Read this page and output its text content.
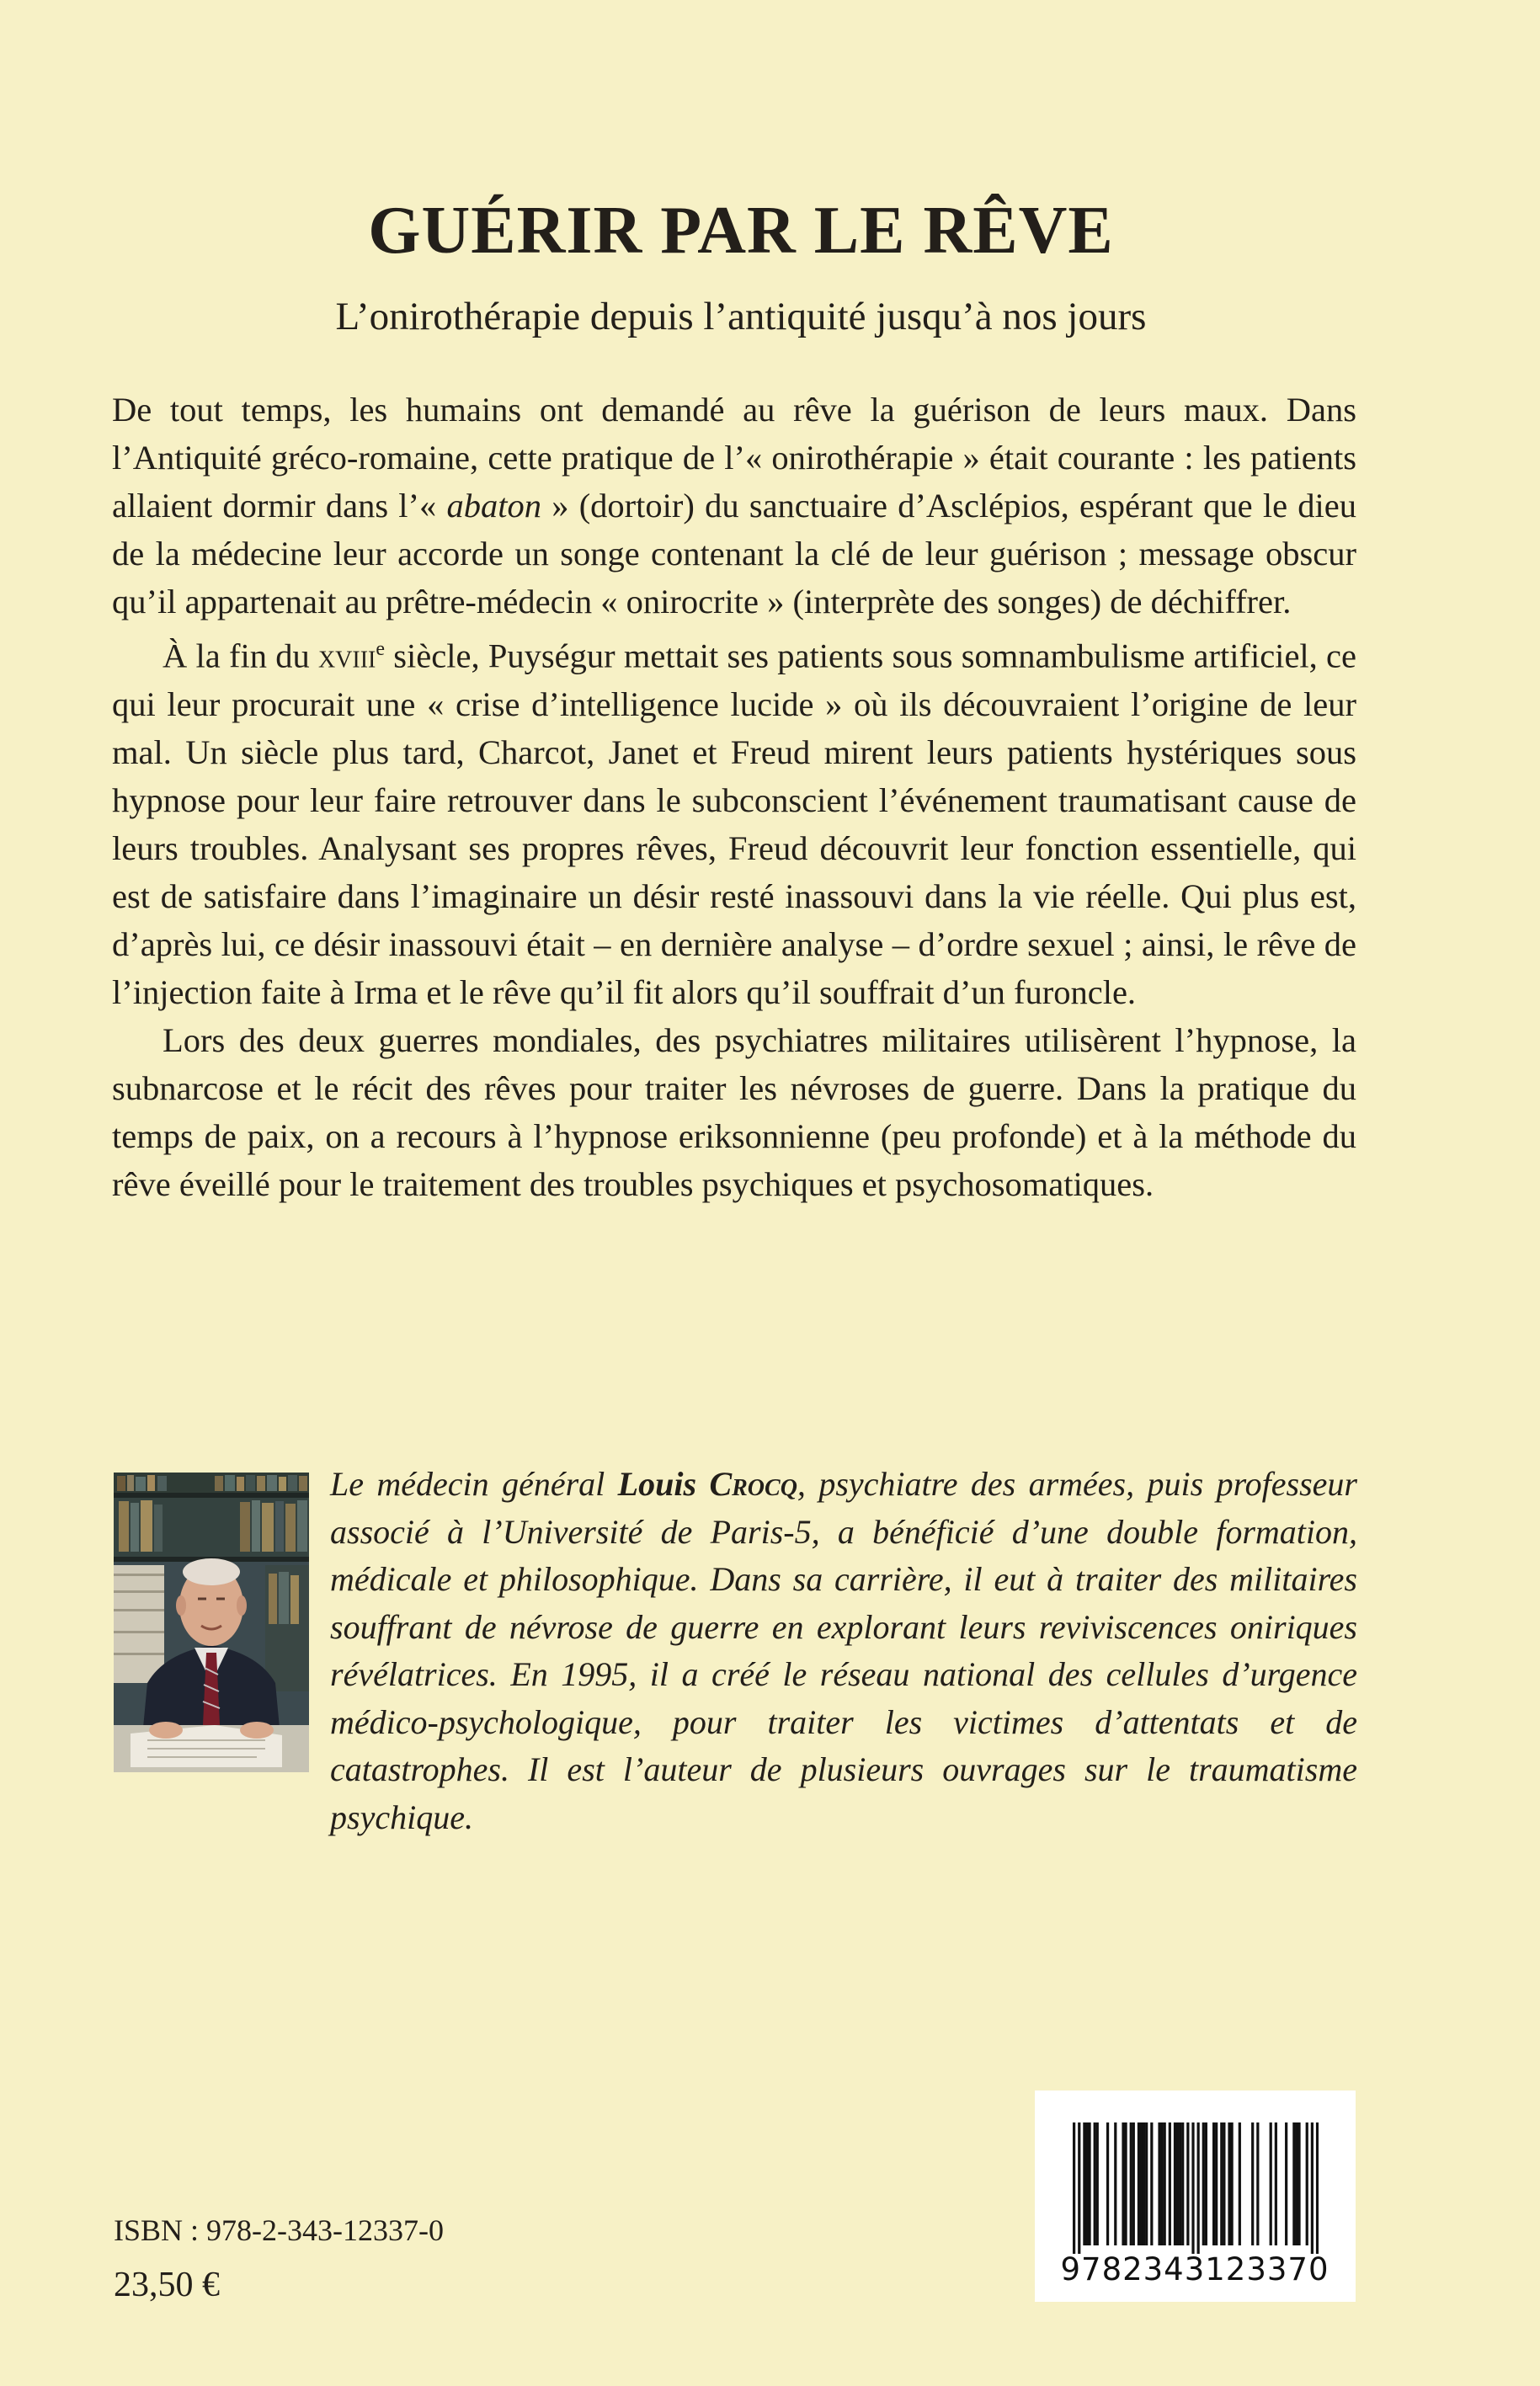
GUÉRIR PAR LE RÊVE
L’onirothérapie depuis l’antiquité jusqu’à nos jours

De tout temps, les humains ont demandé au rêve la guérison de leurs maux. Dans l’Antiquité gréco-romaine, cette pratique de l’« onirothérapie » était courante : les patients allaient dormir dans l’« abaton » (dortoir) du sanctuaire d’Asclépios, espérant que le dieu de la médecine leur accorde un songe contenant la clé de leur guérison ; message obscur qu’il appartenait au prêtre-médecin « onirocrite » (interprète des songes) de déchiffrer.

À la fin du xviii$^e$ siècle, Puységur mettait ses patients sous somnambulisme artificiel, ce qui leur procurait une « crise d’intelligence lucide » où ils découvraient l’origine de leur mal. Un siècle plus tard, Charcot, Janet et Freud mirent leurs patients hystériques sous hypnose pour leur faire retrouver dans le subconscient l’événement traumatisant cause de leurs troubles. Analysant ses propres rêves, Freud découvrit leur fonction essentielle, qui est de satisfaire dans l’imaginaire un désir resté inassouvi dans la vie réelle. Qui plus est, d’après lui, ce désir inassouvi était – en dernière analyse – d’ordre sexuel ; ainsi, le rêve de l’injection faite à Irma et le rêve qu’il fit alors qu’il souffrait d’un furoncle.

Lors des deux guerres mondiales, des psychiatres militaires utilisèrent l’hypnose, la subnarcose et le récit des rêves pour traiter les névroses de guerre. Dans la pratique du temps de paix, on a recours à l’hypnose eriksonnienne (peu profonde) et à la méthode du rêve éveillé pour le traitement des troubles psychiques et psychosomatiques.

Le médecin général Louis Crocq, psychiatre des armées, puis professeur associé à l’Université de Paris-5, a bénéficié d’une double formation, médicale et philosophique. Dans sa carrière, il eut à traiter des militaires souffrant de névrose de guerre en explorant leurs reviviscences oniriques révélatrices. En 1995, il a créé le réseau national des cellules d’urgence médico-psychologique, pour traiter les victimes d’attentats et de catastrophes. Il est l’auteur de plusieurs ouvrages sur le traumatisme psychique.

9782343123370
ISBN : 978-2-343-12337-0
23,50 €
